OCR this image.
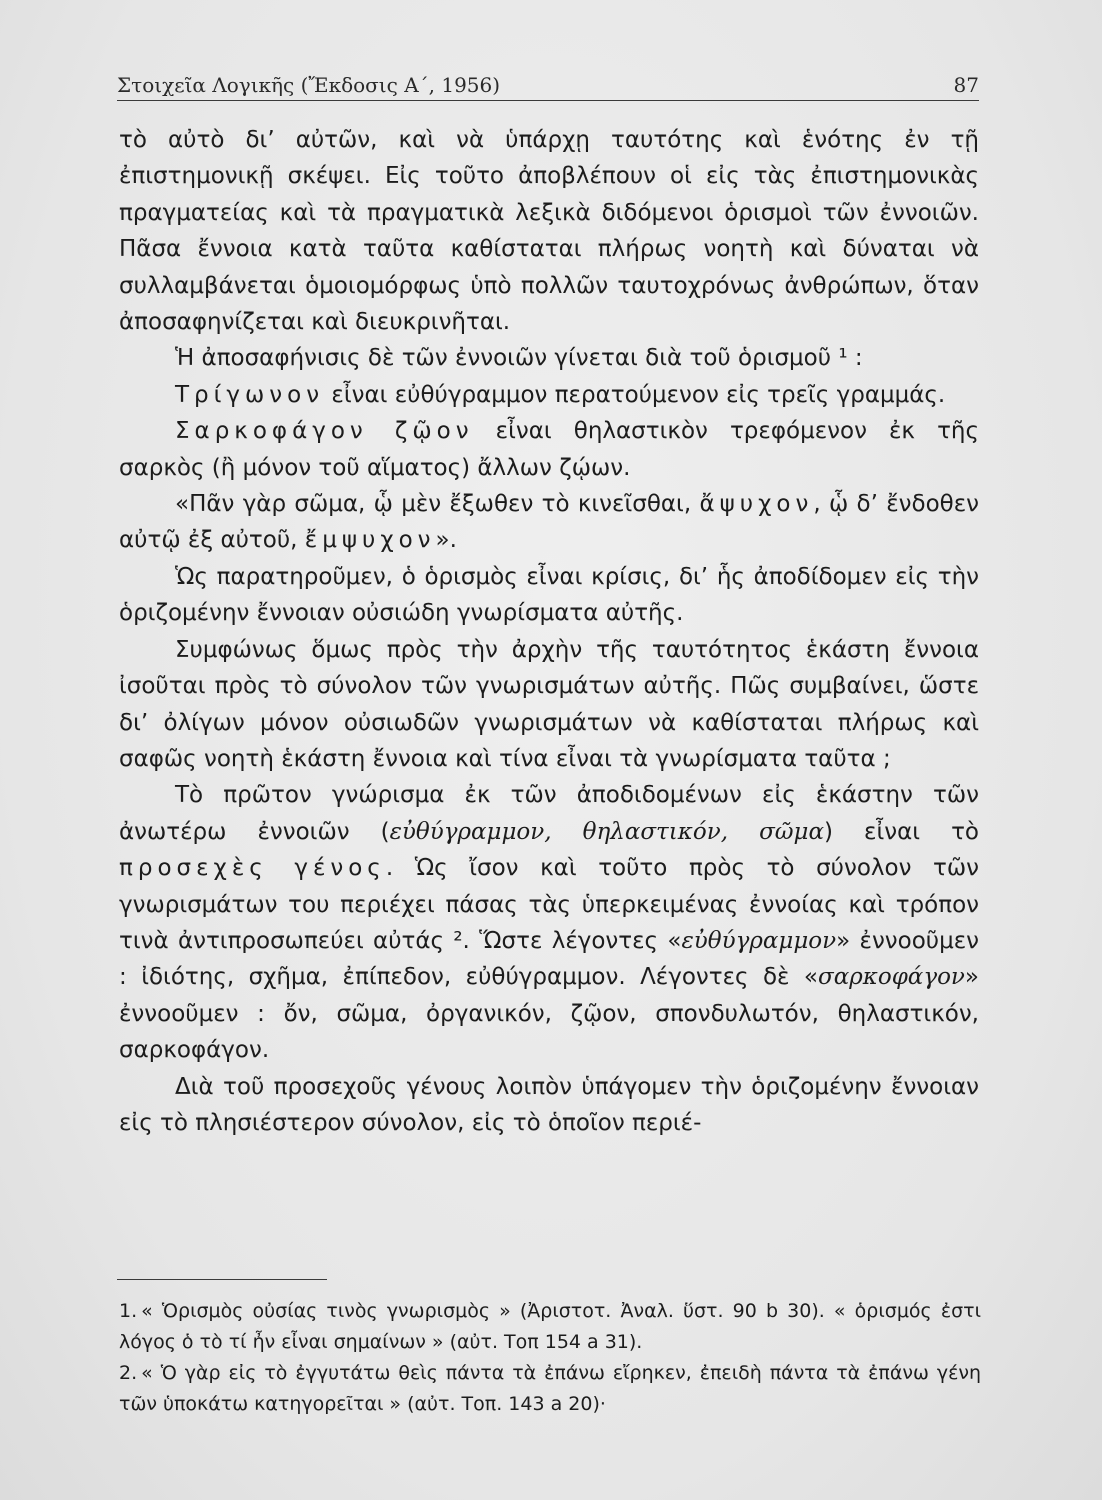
Στοιχεῖα Λογικῆς (Ἔκδοσις Α΄, 1956)	87

τὸ αὐτὸ δι’ αὐτῶν, καὶ νὰ ὑπάρχῃ ταυτότης καὶ ἑνότης ἐν τῇ ἐπιστημονικῇ σκέψει. Εἰς τοῦτο ἀποβλέπουν οἱ εἰς τὰς ἐπιστημονικὰς πραγματείας καὶ τὰ πραγματικὰ λεξικὰ διδόμενοι ὁρισμοὶ τῶν ἐννοιῶν. Πᾶσα ἔννοια κατὰ ταῦτα καθίσταται πλήρως νοητὴ καὶ δύναται νὰ συλλαμβάνεται ὁμοιομόρφως ὑπὸ πολλῶν ταυτοχρόνως ἀνθρώπων, ὅταν ἀποσαφηνίζεται καὶ διευκρινῆται.

Ἡ ἀποσαφήνισις δὲ τῶν ἐννοιῶν γίνεται διὰ τοῦ ὁρισμοῦ ¹ :

Τρίγωνον εἶναι εὐθύγραμμον περατούμενον εἰς τρεῖς γραμμάς.

Σαρκοφάγον ζῷον εἶναι θηλαστικὸν τρεφόμενον ἐκ τῆς σαρκὸς (ἢ μόνον τοῦ αἵματος) ἄλλων ζῴων.

«Πᾶν γὰρ σῶμα, ᾧ μὲν ἔξωθεν τὸ κινεῖσθαι, ἄψυχον, ᾧ δ’ ἔνδοθεν αὐτῷ ἐξ αὐτοῦ, ἔμψυχον».

Ὡς παρατηροῦμεν, ὁ ὁρισμὸς εἶναι κρίσις, δι’ ἧς ἀποδίδομεν εἰς τὴν ὁριζομένην ἔννοιαν οὐσιώδη γνωρίσματα αὐτῆς.

Συμφώνως ὅμως πρὸς τὴν ἀρχὴν τῆς ταυτότητος ἑκάστη ἔννοια ἰσοῦται πρὸς τὸ σύνολον τῶν γνωρισμάτων αὐτῆς. Πῶς συμβαίνει, ὥστε δι’ ὀλίγων μόνον οὐσιωδῶν γνωρισμάτων νὰ καθίσταται πλήρως καὶ σαφῶς νοητὴ ἑκάστη ἔννοια καὶ τίνα εἶναι τὰ γνωρίσματα ταῦτα ;

Τὸ πρῶτον γνώρισμα ἐκ τῶν ἀποδιδομένων εἰς ἑκάστην τῶν ἀνωτέρω ἐννοιῶν (εὐθύγραμμον, θηλαστικόν, σῶμα) εἶναι τὸ προσεχὲς γένος. Ὡς ἴσον καὶ τοῦτο πρὸς τὸ σύνολον τῶν γνωρισμάτων του περιέχει πάσας τὰς ὑπερκειμένας ἐννοίας καὶ τρόπον τινὰ ἀντιπροσωπεύει αὐτάς ². Ὥστε λέγοντες «εὐθύγραμμον» ἐννοοῦμεν : ἰδιότης, σχῆμα, ἐπίπεδον, εὐθύγραμμον. Λέγοντες δὲ «σαρκοφάγον» ἐννοοῦμεν : ὄν, σῶμα, ὀργανικόν, ζῷον, σπονδυλωτόν, θηλαστικόν, σαρκοφάγον.

Διὰ τοῦ προσεχοῦς γένους λοιπὸν ὑπάγομεν τὴν ὁριζομένην ἔννοιαν εἰς τὸ πλησιέστερον σύνολον, εἰς τὸ ὁποῖον περιέ-

1. « Ὁρισμὸς οὐσίας τινὸς γνωρισμὸς » (Ἀριστοτ. Ἀναλ. ὕστ. 90 b 30). « ὁρισμός ἐστι λόγος ὁ τὸ τί ἦν εἶναι σημαίνων » (αὐτ. Τοπ 154 a 31).

2. « Ὁ γὰρ εἰς τὸ ἐγγυτάτω θεὶς πάντα τὰ ἐπάνω εἴρηκεν, ἐπειδὴ πάντα τὰ ἐπάνω γένη τῶν ὑποκάτω κατηγορεῖται » (αὐτ. Τοπ. 143 a 20)·
